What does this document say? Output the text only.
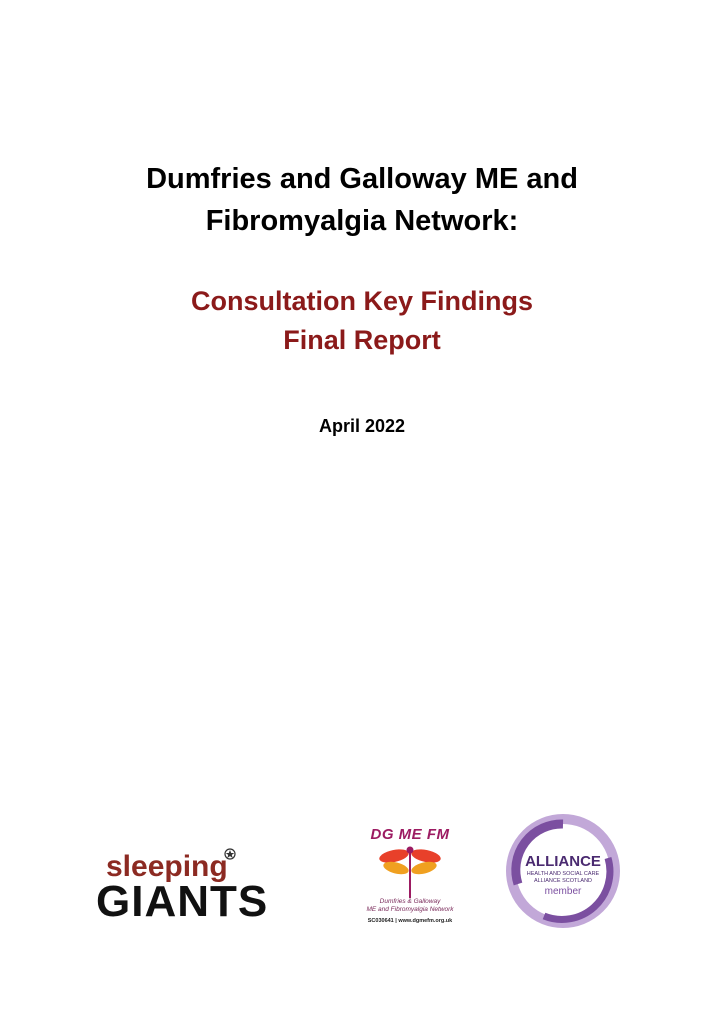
Dumfries and Galloway ME and
Fibromyalgia Network:
Consultation Key Findings
Final Report

April 2022

sleeping
GIANTS
DG ME FM
Dumfries & Galloway
ME and Fibromyalgia Network
SC030641 | www.dgmefm.org.uk
ALLIANCE
HEALTH AND SOCIAL CARE
ALLIANCE SCOTLAND
member
